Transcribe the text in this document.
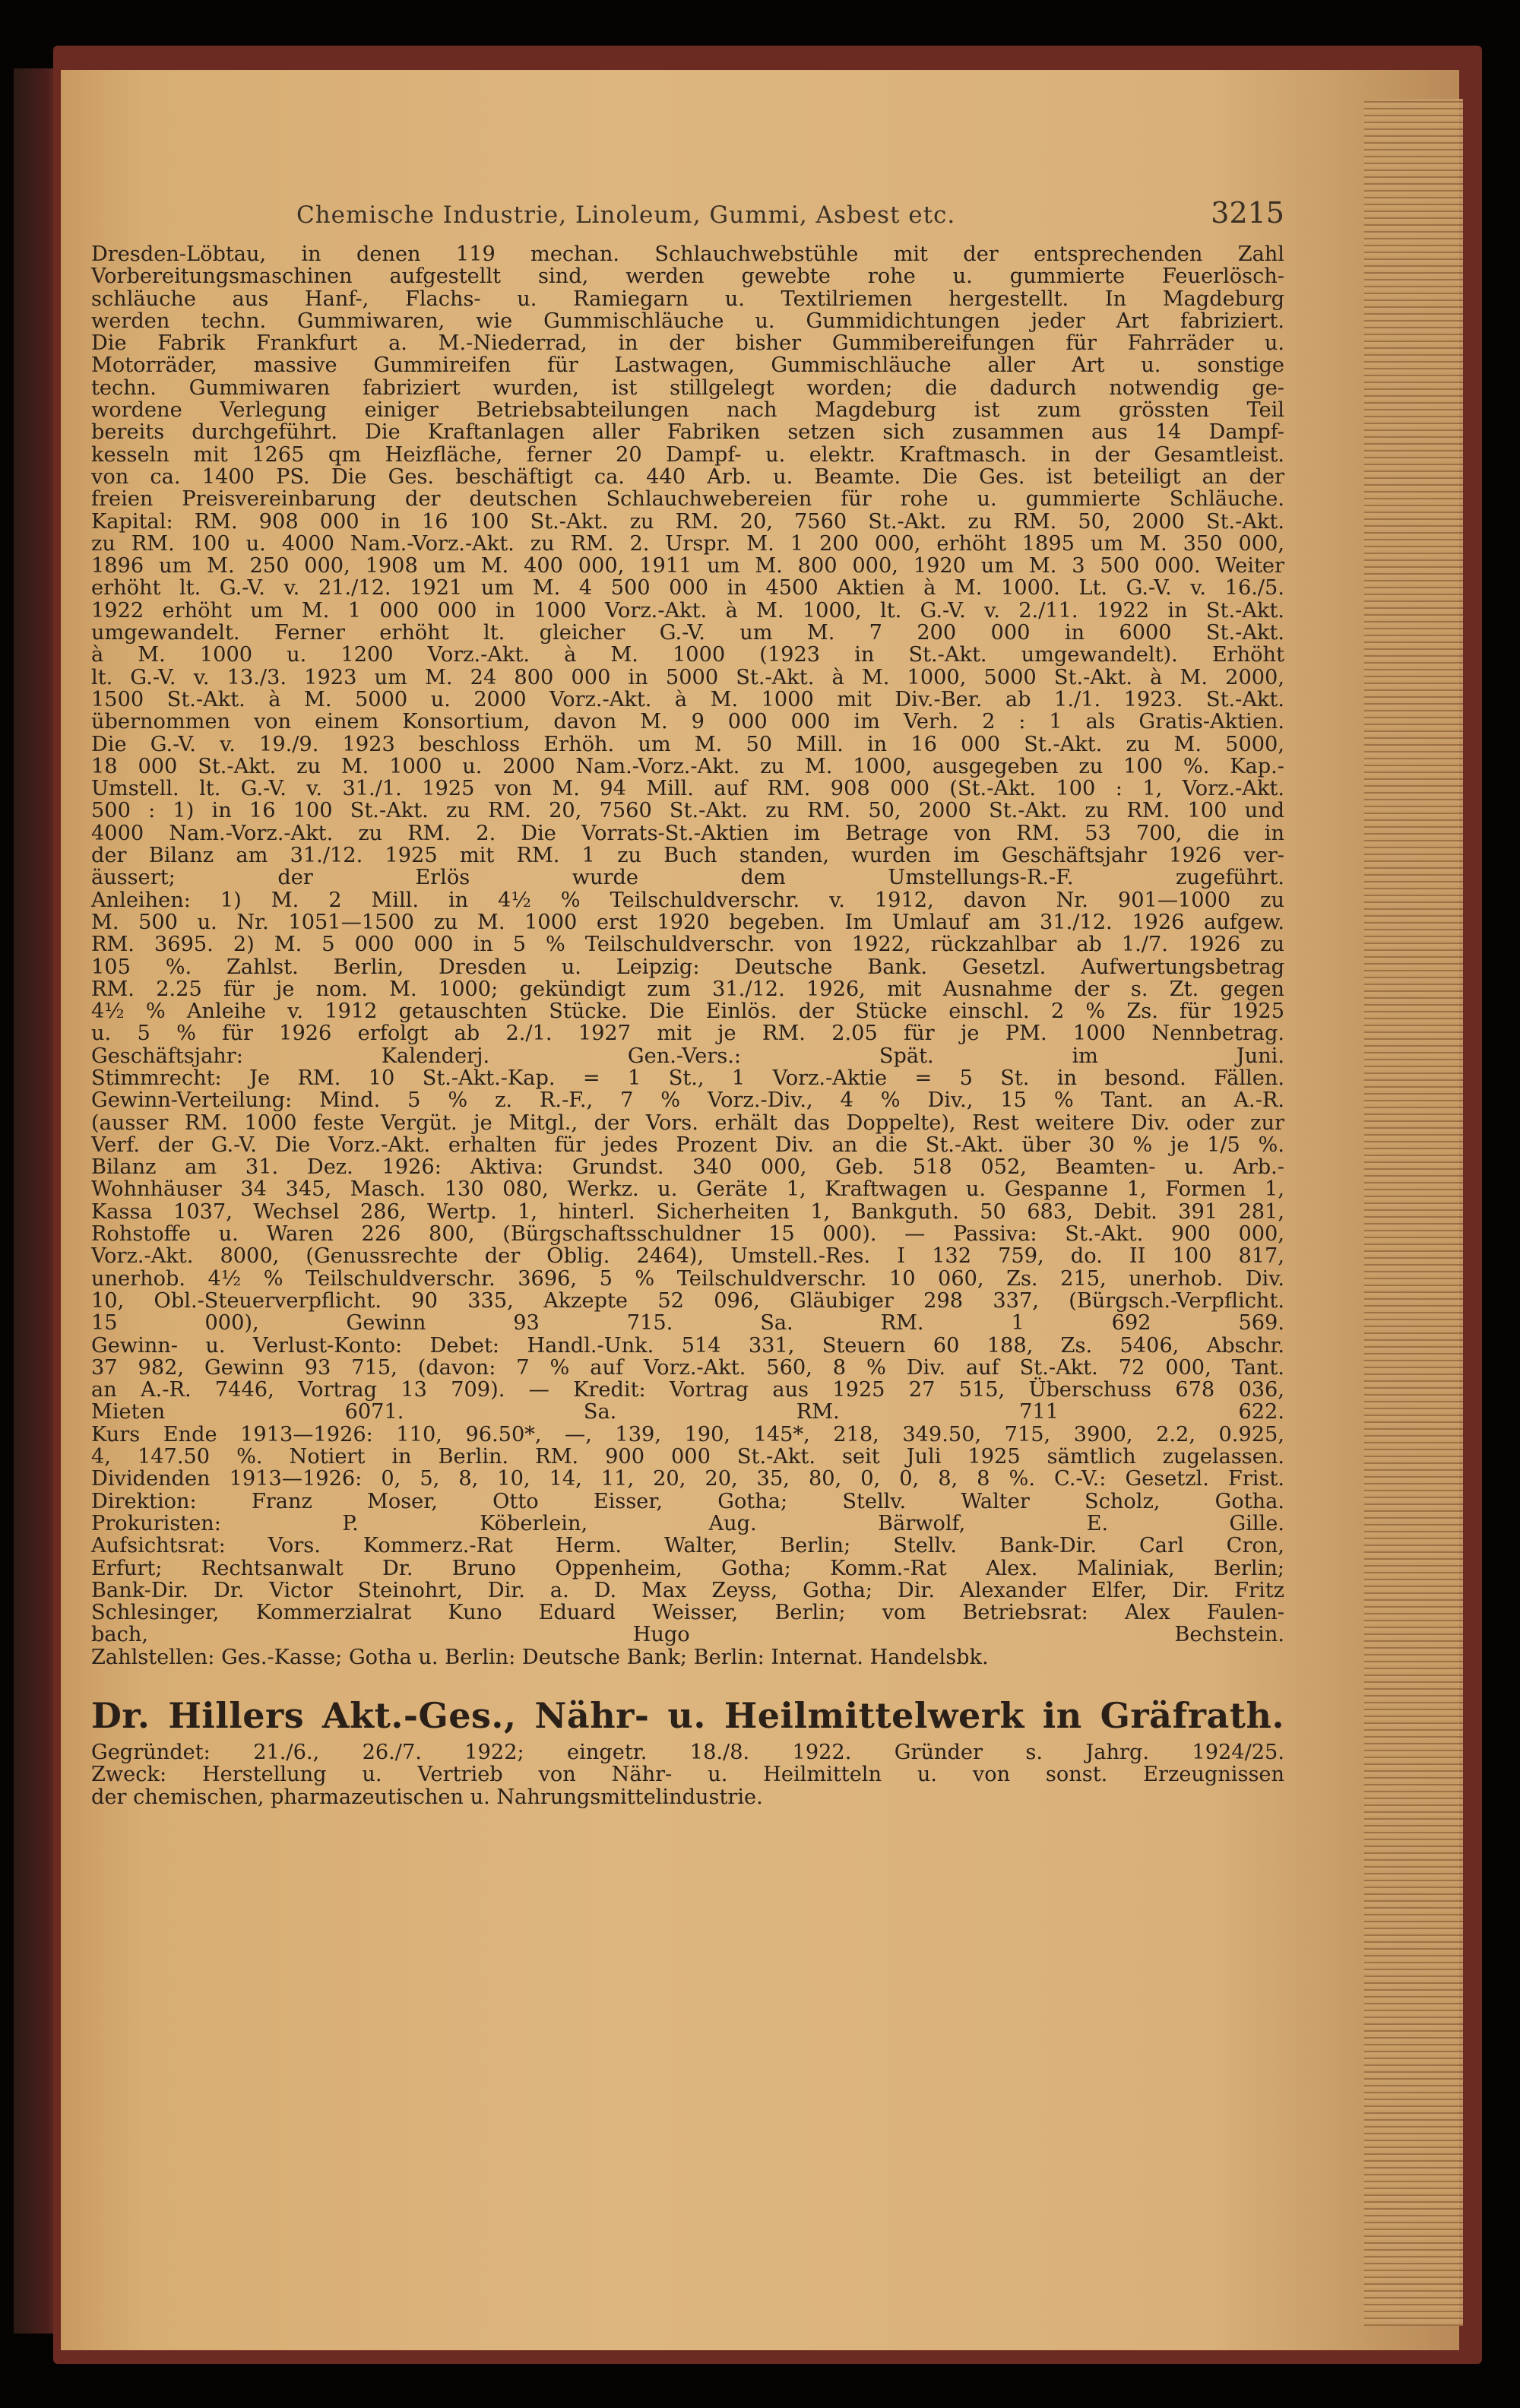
Chemische Industrie, Linoleum, Gummi, Asbest etc.	3215
Dresden-Löbtau, in denen 119 mechan. Schlauchwebstühle mit der entsprechenden Zahl
Vorbereitungsmaschinen aufgestellt sind, werden gewebte rohe u. gummierte Feuerlösch-
schläuche aus Hanf-, Flachs- u. Ramiegarn u. Textilriemen hergestellt. In Magdeburg
werden techn. Gummiwaren, wie Gummischläuche u. Gummidichtungen jeder Art fabriziert.
Die Fabrik Frankfurt a. M.-Niederrad, in der bisher Gummibereifungen für Fahrräder u.
Motorräder, massive Gummireifen für Lastwagen, Gummischläuche aller Art u. sonstige
techn. Gummiwaren fabriziert wurden, ist stillgelegt worden; die dadurch notwendig ge-
wordene Verlegung einiger Betriebsabteilungen nach Magdeburg ist zum grössten Teil
bereits durchgeführt. Die Kraftanlagen aller Fabriken setzen sich zusammen aus 14 Dampf-
kesseln mit 1265 qm Heizfläche, ferner 20 Dampf- u. elektr. Kraftmasch. in der Gesamtleist.
von ca. 1400 PS. Die Ges. beschäftigt ca. 440 Arb. u. Beamte. Die Ges. ist beteiligt an der
freien Preisvereinbarung der deutschen Schlauchwebereien für rohe u. gummierte Schläuche.
Kapital: RM. 908 000 in 16 100 St.-Akt. zu RM. 20, 7560 St.-Akt. zu RM. 50, 2000 St.-Akt.
zu RM. 100 u. 4000 Nam.-Vorz.-Akt. zu RM. 2. Urspr. M. 1 200 000, erhöht 1895 um M. 350 000,
1896 um M. 250 000, 1908 um M. 400 000, 1911 um M. 800 000, 1920 um M. 3 500 000. Weiter
erhöht lt. G.-V. v. 21./12. 1921 um M. 4 500 000 in 4500 Aktien à M. 1000. Lt. G.-V. v. 16./5.
1922 erhöht um M. 1 000 000 in 1000 Vorz.-Akt. à M. 1000, lt. G.-V. v. 2./11. 1922 in St.-Akt.
umgewandelt. Ferner erhöht lt. gleicher G.-V. um M. 7 200 000 in 6000 St.-Akt.
à M. 1000 u. 1200 Vorz.-Akt. à M. 1000 (1923 in St.-Akt. umgewandelt). Erhöht
lt. G.-V. v. 13./3. 1923 um M. 24 800 000 in 5000 St.-Akt. à M. 1000, 5000 St.-Akt. à M. 2000,
1500 St.-Akt. à M. 5000 u. 2000 Vorz.-Akt. à M. 1000 mit Div.-Ber. ab 1./1. 1923. St.-Akt.
übernommen von einem Konsortium, davon M. 9 000 000 im Verh. 2 : 1 als Gratis-Aktien.
Die G.-V. v. 19./9. 1923 beschloss Erhöh. um M. 50 Mill. in 16 000 St.-Akt. zu M. 5000,
18 000 St.-Akt. zu M. 1000 u. 2000 Nam.-Vorz.-Akt. zu M. 1000, ausgegeben zu 100 %. Kap.-
Umstell. lt. G.-V. v. 31./1. 1925 von M. 94 Mill. auf RM. 908 000 (St.-Akt. 100 : 1, Vorz.-Akt.
500 : 1) in 16 100 St.-Akt. zu RM. 20, 7560 St.-Akt. zu RM. 50, 2000 St.-Akt. zu RM. 100 und
4000 Nam.-Vorz.-Akt. zu RM. 2. Die Vorrats-St.-Aktien im Betrage von RM. 53 700, die in
der Bilanz am 31./12. 1925 mit RM. 1 zu Buch standen, wurden im Geschäftsjahr 1926 ver-
äussert; der Erlös wurde dem Umstellungs-R.-F. zugeführt.
Anleihen: 1) M. 2 Mill. in 4½ % Teilschuldverschr. v. 1912, davon Nr. 901—1000 zu
M. 500 u. Nr. 1051—1500 zu M. 1000 erst 1920 begeben. Im Umlauf am 31./12. 1926 aufgew.
RM. 3695. 2) M. 5 000 000 in 5 % Teilschuldverschr. von 1922, rückzahlbar ab 1./7. 1926 zu
105 %. Zahlst. Berlin, Dresden u. Leipzig: Deutsche Bank. Gesetzl. Aufwertungsbetrag
RM. 2.25 für je nom. M. 1000; gekündigt zum 31./12. 1926, mit Ausnahme der s. Zt. gegen
4½ % Anleihe v. 1912 getauschten Stücke. Die Einlös. der Stücke einschl. 2 % Zs. für 1925
u. 5 % für 1926 erfolgt ab 2./1. 1927 mit je RM. 2.05 für je PM. 1000 Nennbetrag.
Geschäftsjahr: Kalenderj. Gen.-Vers.: Spät. im Juni.
Stimmrecht: Je RM. 10 St.-Akt.-Kap. = 1 St., 1 Vorz.-Aktie = 5 St. in besond. Fällen.
Gewinn-Verteilung: Mind. 5 % z. R.-F., 7 % Vorz.-Div., 4 % Div., 15 % Tant. an A.-R.
(ausser RM. 1000 feste Vergüt. je Mitgl., der Vors. erhält das Doppelte), Rest weitere Div. oder zur
Verf. der G.-V. Die Vorz.-Akt. erhalten für jedes Prozent Div. an die St.-Akt. über 30 % je 1/5 %.
Bilanz am 31. Dez. 1926: Aktiva: Grundst. 340 000, Geb. 518 052, Beamten- u. Arb.-
Wohnhäuser 34 345, Masch. 130 080, Werkz. u. Geräte 1, Kraftwagen u. Gespanne 1, Formen 1,
Kassa 1037, Wechsel 286, Wertp. 1, hinterl. Sicherheiten 1, Bankguth. 50 683, Debit. 391 281,
Rohstoffe u. Waren 226 800, (Bürgschaftsschuldner 15 000). — Passiva: St.-Akt. 900 000,
Vorz.-Akt. 8000, (Genussrechte der Oblig. 2464), Umstell.-Res. I 132 759, do. II 100 817,
unerhob. 4½ % Teilschuldverschr. 3696, 5 % Teilschuldverschr. 10 060, Zs. 215, unerhob. Div.
10, Obl.-Steuerverpflicht. 90 335, Akzepte 52 096, Gläubiger 298 337, (Bürgsch.-Verpflicht.
15 000), Gewinn 93 715. Sa. RM. 1 692 569.
Gewinn- u. Verlust-Konto: Debet: Handl.-Unk. 514 331, Steuern 60 188, Zs. 5406, Abschr.
37 982, Gewinn 93 715, (davon: 7 % auf Vorz.-Akt. 560, 8 % Div. auf St.-Akt. 72 000, Tant.
an A.-R. 7446, Vortrag 13 709). — Kredit: Vortrag aus 1925 27 515, Überschuss 678 036,
Mieten 6071. Sa. RM. 711 622.
Kurs Ende 1913—1926: 110, 96.50*, —, 139, 190, 145*, 218, 349.50, 715, 3900, 2.2, 0.925,
4, 147.50 %. Notiert in Berlin. RM. 900 000 St.-Akt. seit Juli 1925 sämtlich zugelassen.
Dividenden 1913—1926: 0, 5, 8, 10, 14, 11, 20, 20, 35, 80, 0, 0, 8, 8 %. C.-V.: Gesetzl. Frist.
Direktion: Franz Moser, Otto Eisser, Gotha; Stellv. Walter Scholz, Gotha.
Prokuristen: P. Köberlein, Aug. Bärwolf, E. Gille.
Aufsichtsrat: Vors. Kommerz.-Rat Herm. Walter, Berlin; Stellv. Bank-Dir. Carl Cron,
Erfurt; Rechtsanwalt Dr. Bruno Oppenheim, Gotha; Komm.-Rat Alex. Maliniak, Berlin;
Bank-Dir. Dr. Victor Steinohrt, Dir. a. D. Max Zeyss, Gotha; Dir. Alexander Elfer, Dir. Fritz
Schlesinger, Kommerzialrat Kuno Eduard Weisser, Berlin; vom Betriebsrat: Alex Faulen-
bach, Hugo Bechstein.
Zahlstellen: Ges.-Kasse; Gotha u. Berlin: Deutsche Bank; Berlin: Internat. Handelsbk.
Dr. Hillers Akt.-Ges., Nähr- u. Heilmittelwerk in Gräfrath.
Gegründet: 21./6., 26./7. 1922; eingetr. 18./8. 1922. Gründer s. Jahrg. 1924/25.
Zweck: Herstellung u. Vertrieb von Nähr- u. Heilmitteln u. von sonst. Erzeugnissen
der chemischen, pharmazeutischen u. Nahrungsmittelindustrie.
